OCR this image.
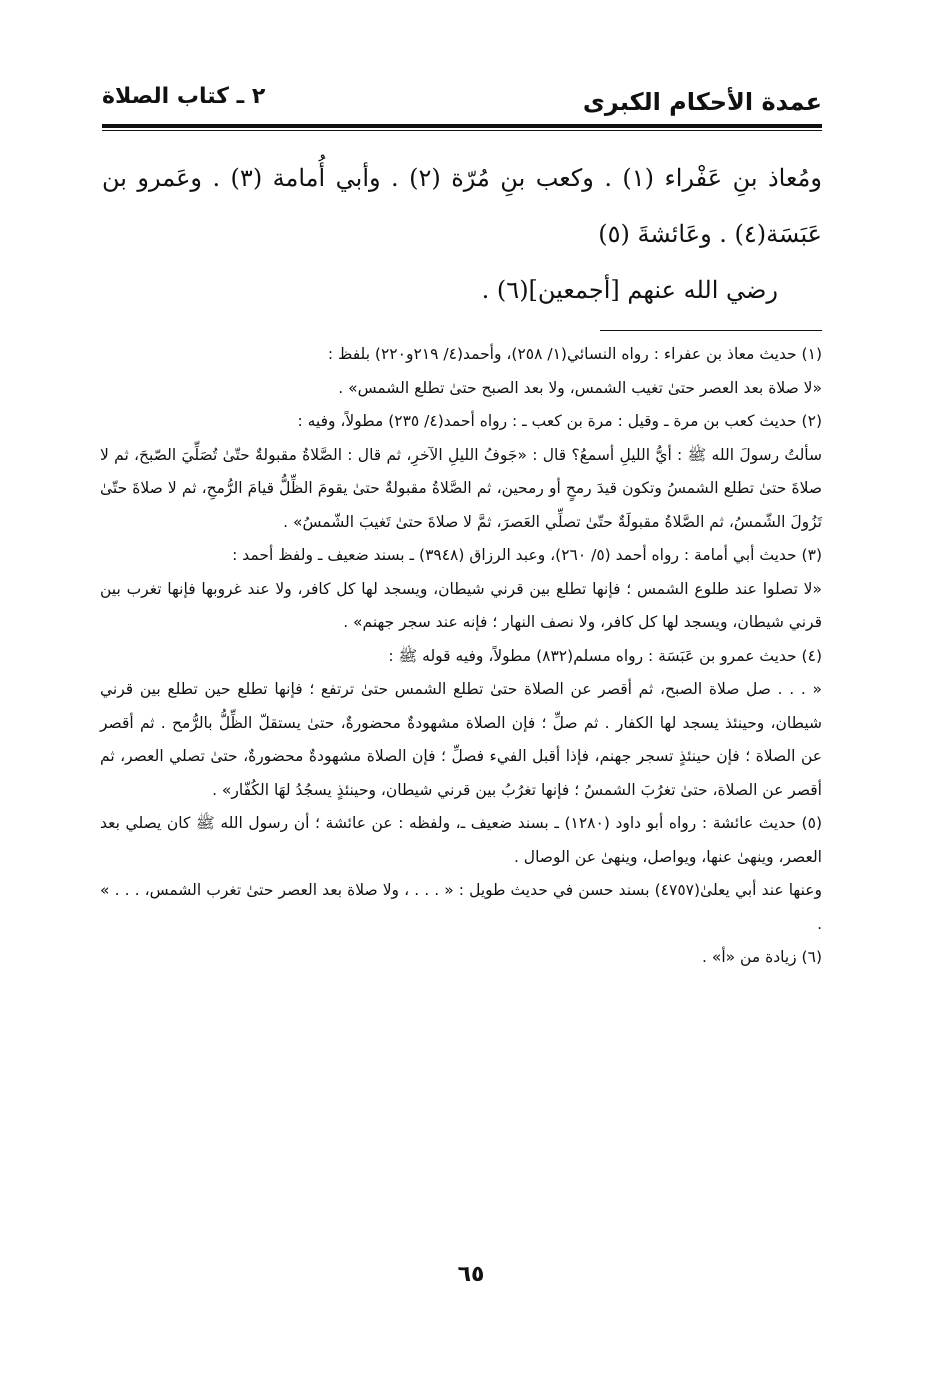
عمدة الأحكام الكبرى
٢ ـ كتاب الصلاة

ومُعاذ بنِ عَفْراء (١) . وكعب بنِ مُرّة (٢) . وأبي أُمامة (٣) . وعَمرو بن عَبَسَة(٤) . وعَائشةَ (٥)

رضي الله عنهم [أجمعين](٦) .

(١) حديث معاذ بن عفراء : رواه النسائي(١/ ٢٥٨)، وأحمد(٤/ ٢١٩و٢٢٠) بلفظ :

«لا صلاة بعد العصر حتىٰ تغيب الشمس، ولا بعد الصبح حتىٰ تطلع الشمس» .

(٢) حديث كعب بن مرة ـ وقيل : مرة بن كعب ـ : رواه أحمد(٤/ ٢٣٥) مطولاً، وفيه :

سألتُ رسولَ الله ﷺ : أيُّ الليلِ أسمعُ؟ قال : «جَوفُ الليلِ الآخرِ، ثم قال : الصَّلاةُ مقبولةٌ حتّىٰ تُصَلِّيَ الصّبحَ، ثم لا صلاةَ حتىٰ تطلع الشمسُ وتكون قيدَ رمحٍ أو رمحين، ثم الصَّلاةُ مقبولةٌ حتىٰ يقومَ الظِّلُّ قيامَ الرُّمحِ، ثم لا صلاةَ حتّىٰ تَزُولَ الشّمسُ، ثم الصَّلاةُ مقبولَةٌ حتّىٰ تصلِّي العَصرَ، ثمَّ لا صلاةَ حتىٰ تَغيبَ الشّمسُ» .

(٣) حديث أبي أمامة : رواه أحمد (٥/ ٢٦٠)، وعبد الرزاق (٣٩٤٨) ـ بسند ضعيف ـ ولفظ أحمد :

«لا تصلوا عند طلوع الشمس ؛ فإنها تطلع بين قرني شيطان، ويسجد لها كل كافر، ولا عند غروبها فإنها تغرب بين قرني شيطان، ويسجد لها كل كافر، ولا نصف النهار ؛ فإنه عند سجر جهنم» .

(٤) حديث عمرو بن عَبَسَة : رواه مسلم(٨٣٢) مطولاً، وفيه قوله ﷺ :

« . . . صل صلاة الصبح، ثم أقصر عن الصلاة حتىٰ تطلع الشمس حتىٰ ترتفع ؛ فإنها تطلع حين تطلع بين قرني شيطان، وحينئذ يسجد لها الكفار . ثم صلِّ ؛ فإن الصلاة مشهودةٌ محضورةٌ، حتىٰ يستقلّ الظِّلُّ بالرُّمح . ثم أقصر عن الصلاة ؛ فإن حينئذٍ تسجر جهنم، فإذا أقبل الفيء فصلِّ ؛ فإن الصلاة مشهودةٌ محضورةٌ، حتىٰ تصلي العصر، ثم أقصر عن الصلاة، حتىٰ تغرُبَ الشمسُ ؛ فإنها تغرُبُ بين قرني شيطان، وحينئذٍ يسجُدُ لهَا الكُفّار» .

(٥) حديث عائشة : رواه أبو داود (١٢٨٠) ـ بسند ضعيف ـ، ولفظه : عن عائشة ؛ أن رسول الله ﷺ كان يصلي بعد العصر، وينهىٰ عنها، ويواصل، وينهىٰ عن الوصال .

وعنها عند أبي يعلىٰ(٤٧٥٧) بسند حسن في حديث طويل : « . . . ، ولا صلاة بعد العصر حتىٰ تغرب الشمس، . . . » .

(٦) زيادة من «أ» .

٦٥
